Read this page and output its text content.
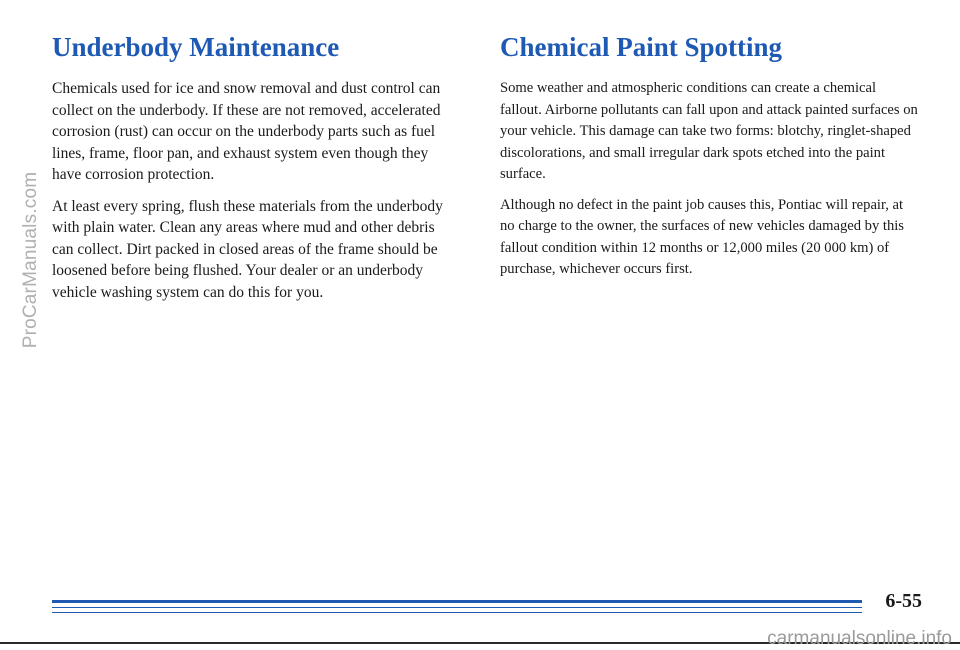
ProCarManuals.com
Underbody Maintenance

Chemicals used for ice and snow removal and dust control can collect on the underbody. If these are not removed, accelerated corrosion (rust) can occur on the underbody parts such as fuel lines, frame, floor pan, and exhaust system even though they have corrosion protection.

At least every spring, flush these materials from the underbody with plain water. Clean any areas where mud and other debris can collect. Dirt packed in closed areas of the frame should be loosened before being flushed. Your dealer or an underbody vehicle washing system can do this for you.

Chemical Paint Spotting

Some weather and atmospheric conditions can create a chemical fallout. Airborne pollutants can fall upon and attack painted surfaces on your vehicle. This damage can take two forms: blotchy, ringlet-shaped discolorations, and small irregular dark spots etched into the paint surface.

Although no defect in the paint job causes this, Pontiac will repair, at no charge to the owner, the surfaces of new vehicles damaged by this fallout condition within 12 months or 12,000 miles (20 000 km) of purchase, whichever occurs first.

6-55
carmanualsonline.info
